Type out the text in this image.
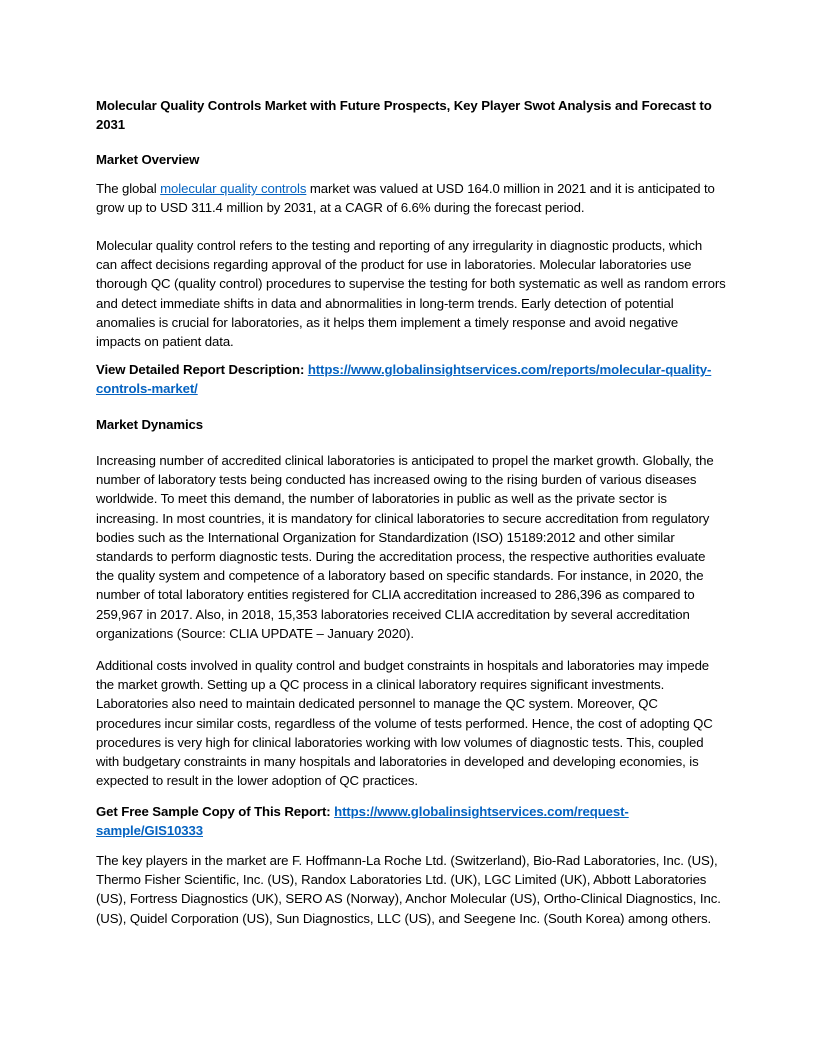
Molecular Quality Controls Market with Future Prospects, Key Player Swot Analysis and Forecast to 2031
Market Overview
The global molecular quality controls market was valued at USD 164.0 million in 2021 and it is anticipated to grow up to USD 311.4 million by 2031, at a CAGR of 6.6% during the forecast period.
Molecular quality control refers to the testing and reporting of any irregularity in diagnostic products, which can affect decisions regarding approval of the product for use in laboratories. Molecular laboratories use thorough QC (quality control) procedures to supervise the testing for both systematic as well as random errors and detect immediate shifts in data and abnormalities in long-term trends. Early detection of potential anomalies is crucial for laboratories, as it helps them implement a timely response and avoid negative impacts on patient data.
View Detailed Report Description: https://www.globalinsightservices.com/reports/molecular-quality-controls-market/
Market Dynamics
Increasing number of accredited clinical laboratories is anticipated to propel the market growth. Globally, the number of laboratory tests being conducted has increased owing to the rising burden of various diseases worldwide. To meet this demand, the number of laboratories in public as well as the private sector is increasing. In most countries, it is mandatory for clinical laboratories to secure accreditation from regulatory bodies such as the International Organization for Standardization (ISO) 15189:2012 and other similar standards to perform diagnostic tests. During the accreditation process, the respective authorities evaluate the quality system and competence of a laboratory based on specific standards. For instance, in 2020, the number of total laboratory entities registered for CLIA accreditation increased to 286,396 as compared to 259,967 in 2017. Also, in 2018, 15,353 laboratories received CLIA accreditation by several accreditation organizations (Source: CLIA UPDATE – January 2020).
Additional costs involved in quality control and budget constraints in hospitals and laboratories may impede the market growth. Setting up a QC process in a clinical laboratory requires significant investments. Laboratories also need to maintain dedicated personnel to manage the QC system. Moreover, QC procedures incur similar costs, regardless of the volume of tests performed. Hence, the cost of adopting QC procedures is very high for clinical laboratories working with low volumes of diagnostic tests. This, coupled with budgetary constraints in many hospitals and laboratories in developed and developing economies, is expected to result in the lower adoption of QC practices.
Get Free Sample Copy of This Report: https://www.globalinsightservices.com/request-sample/GIS10333
The key players in the market are F. Hoffmann-La Roche Ltd. (Switzerland), Bio-Rad Laboratories, Inc. (US), Thermo Fisher Scientific, Inc. (US), Randox Laboratories Ltd. (UK), LGC Limited (UK), Abbott Laboratories (US), Fortress Diagnostics (UK), SERO AS (Norway), Anchor Molecular (US), Ortho-Clinical Diagnostics, Inc. (US), Quidel Corporation (US), Sun Diagnostics, LLC (US), and Seegene Inc. (South Korea) among others.
